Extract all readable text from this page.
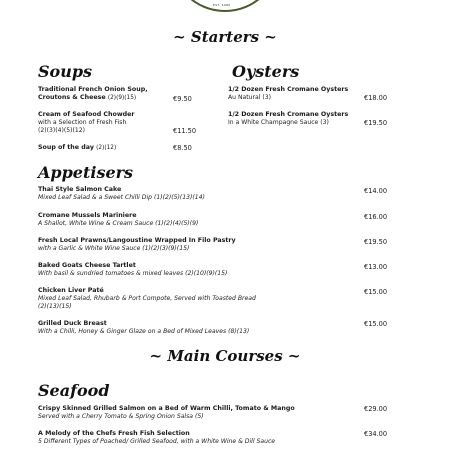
EST. 1980
~ Starters ~
Soups
Traditional French Onion Soup,
Croutons & Cheese (2)(9)(15)	€9.50
Cream of Seafood Chowder
with a Selection of Fresh Fish
(2)(3)(4)(5)(12)	€11.50
Soup of the day (2)(12)	€8.50
Oysters
1/2 Dozen Fresh Cromane Oysters
Au Natural (3)	€18.00
1/2 Dozen Fresh Cromane Oysters
In a White Champagne Sauce (3)	€19.50
Appetisers
Thai Style Salmon Cake
Mixed Leaf Salad & a Sweet Chilli Dip (1)(2)(5)(13)(14)
€14.00
Cromane Mussels Mariniere
A Shallot, White Wine & Cream Sauce (1)(2)(4)(5)(9)
€16.00
Fresh Local Prawns/Langoustine Wrapped In Filo Pastry
with a Garlic & White Wine Sauce (1)(2)(3)(9)(15)
€19.50
Baked Goats Cheese Tartlet
With basil & sundried tomatoes & mixed leaves (2)(10)(9)(15)
€13.00
Chicken Liver Paté
Mixed Leaf Salad, Rhubarb & Port Compote, Served with Toasted Bread
(2)(13)(15)
€15.00
Grilled Duck Breast
With a Chilli, Honey & Ginger Glaze on a Bed of Mixed Leaves (8)(13)
€15.00
~ Main Courses ~
Seafood
Crispy Skinned Grilled Salmon on a Bed of Warm Chilli, Tomato & Mango
Served with a Cherry Tomato & Spring Onion Salsa (5)
€29.00
A Melody of the Chefs Fresh Fish Selection
5 Different Types of Poached/ Grilled Seafood, with a White Wine & Dill Sauce
€34.00
